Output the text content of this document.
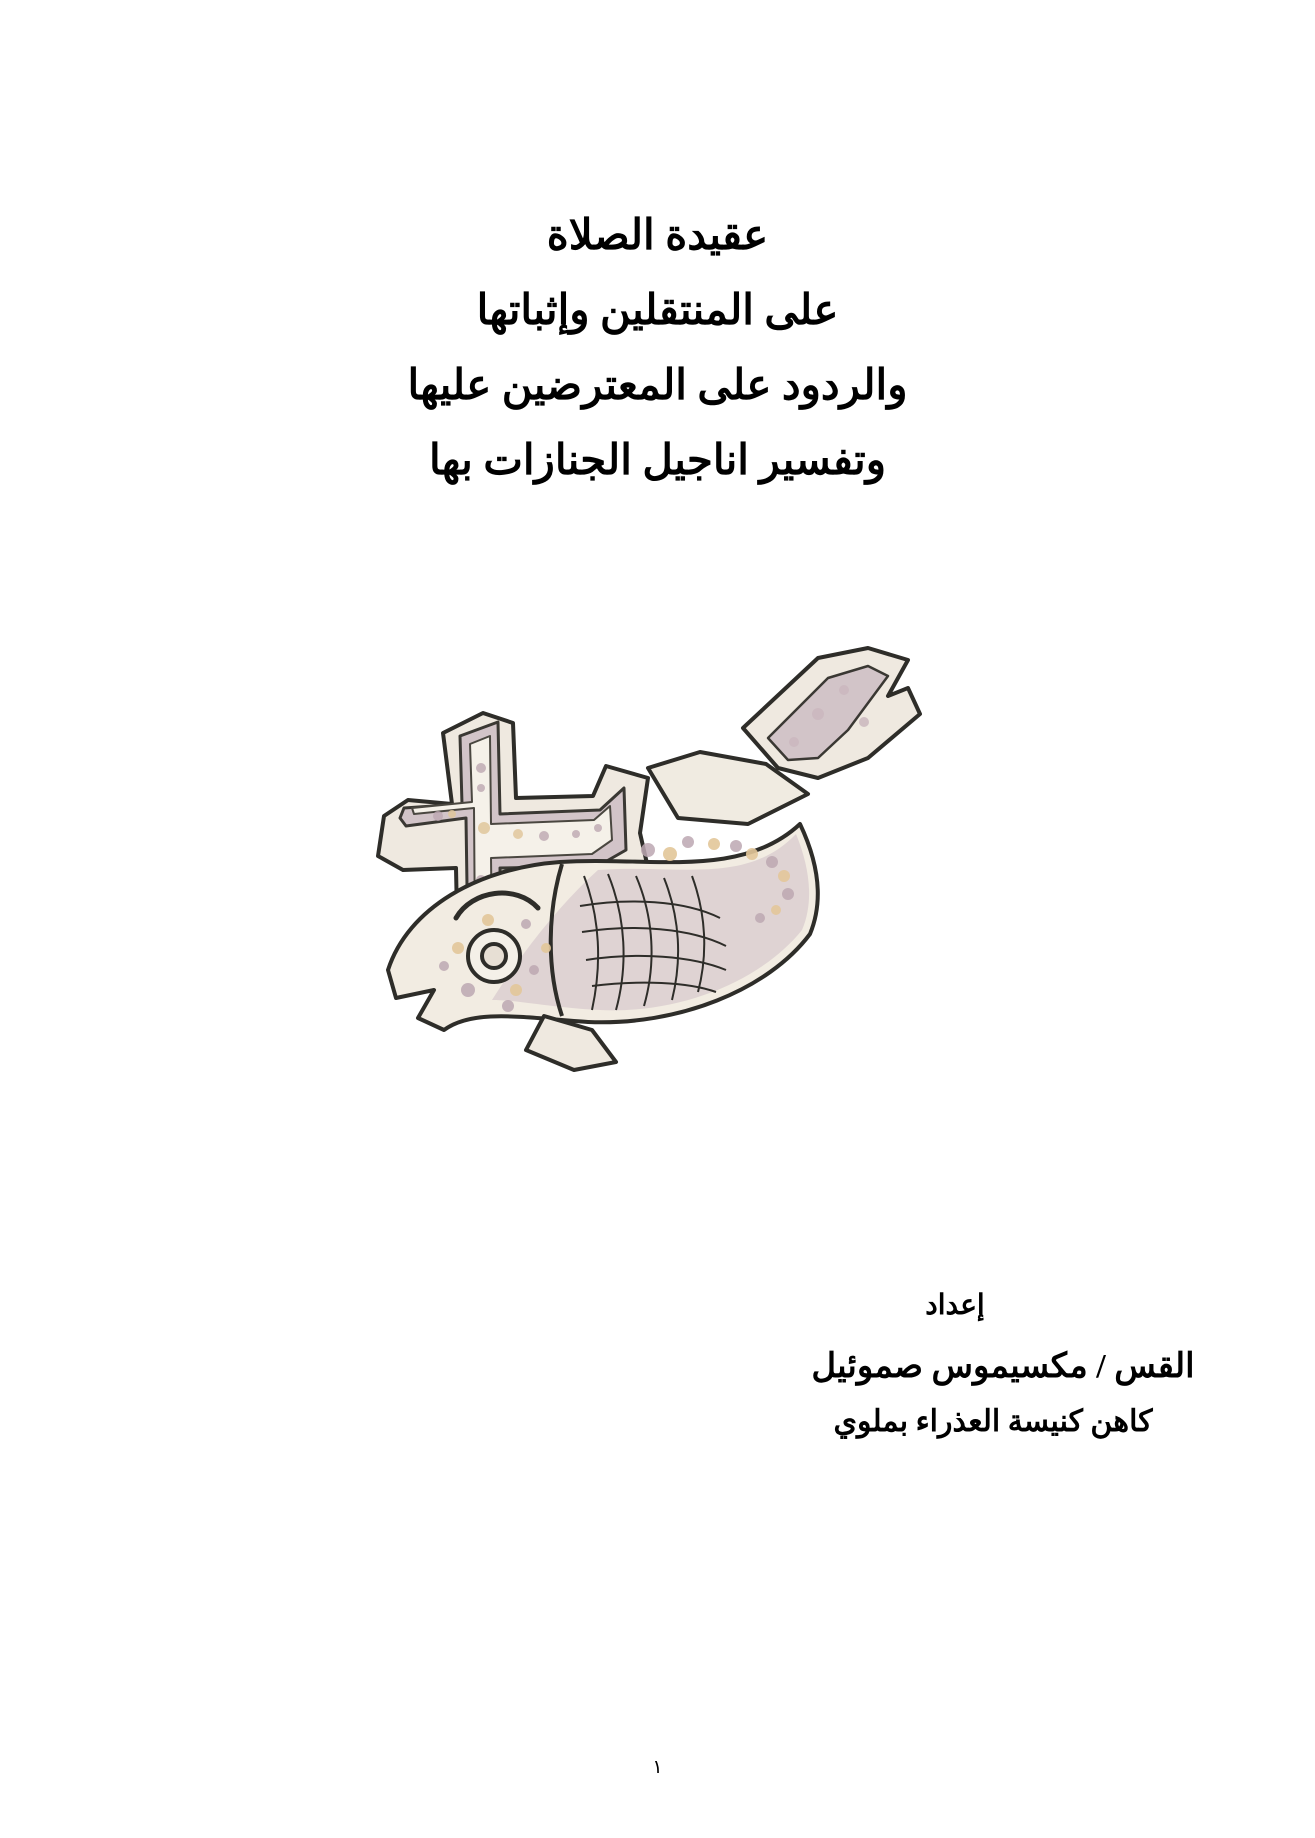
عقيدة الصلاة
على المنتقلين وإثباتها
والردود على المعترضين عليها
وتفسير اناجيل الجنازات بها
إعداد
القس / مكسيموس صموئيل
كاهن كنيسة العذراء بملوي
١
